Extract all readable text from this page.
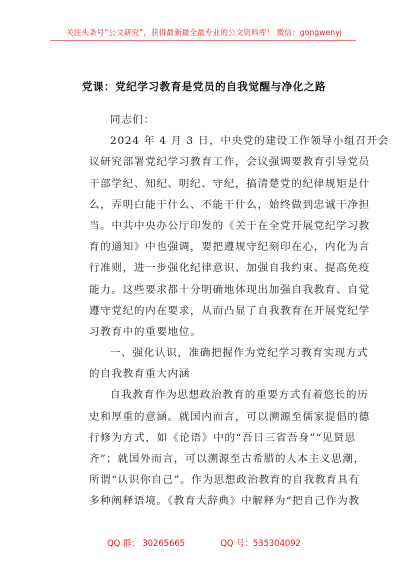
关注头条号“公文研究”，获得最新最全最专业的公文资料库！ 微信：gongwenyj
党课：党纪学习教育是党员的自我觉醒与净化之路
同志们：
2024 年 4 月 3 日，中央党的建设工作领导小组召开会
议研究部署党纪学习教育工作，会议强调要教育引导党员
干部学纪、知纪、明纪、守纪，搞清楚党的纪律规矩是什
么，弄明白能干什么、不能干什么，始终做到忠诚干净担
当。中共中央办公厅印发的《关于在全党开展党纪学习教
育的通知》中也强调，要把遵规守纪刻印在心，内化为言
行准则，进一步强化纪律意识、加强自我约束、提高免疫
能力。这些要求都十分明确地体现出加强自我教育、自觉
遵守党纪的内在要求，从而凸显了自我教育在开展党纪学
习教育中的重要地位。
一、强化认识，准确把握作为党纪学习教育实现方式
的自我教育重大内涵
自我教育作为思想政治教育的重要方式有着悠长的历
史和厚重的意涵。就国内而言，可以溯源至儒家提倡的德
行修为方式，如《论语》中的“吾日三省吾身”“见贤思
齐”；就国外而言，可以溯源至古希腊的人本主义思潮，
所谓“认识你自己”。作为思想政治教育的自我教育具有
多种阐释语境。《教育大辞典》中解释为“把自己作为教
QQ 群： 30265665	QQ 号：535304092
